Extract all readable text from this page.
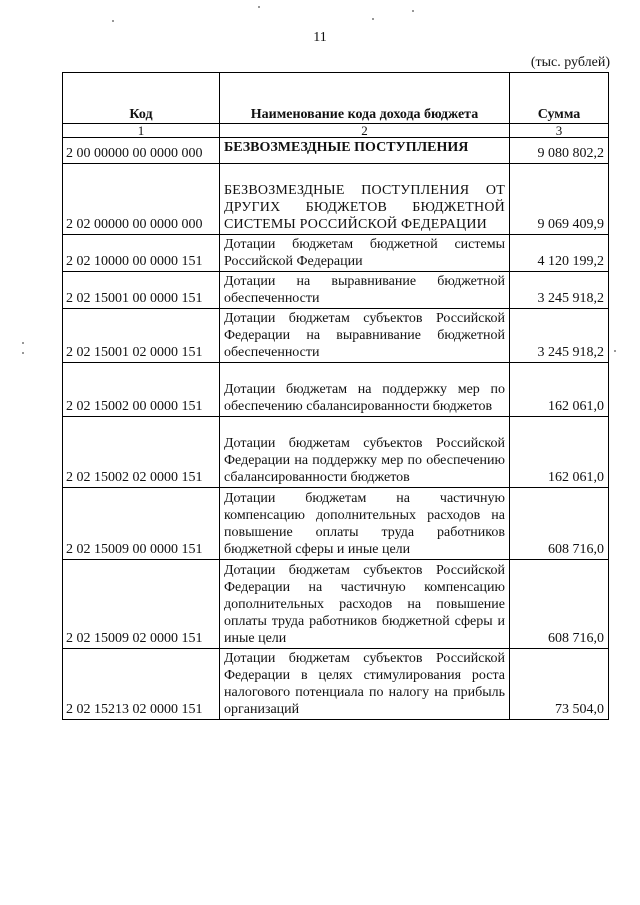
11
(тыс. рублей)
Код	Наименование кода дохода бюджета	Сумма
1	2	3
2 00 00000 00 0000 000	БЕЗВОЗМЕЗДНЫЕ ПОСТУПЛЕНИЯ	9 080 802,2
2 02 00000 00 0000 000	БЕЗВОЗМЕЗДНЫЕ ПОСТУПЛЕНИЯ ОТ ДРУГИХ БЮДЖЕТОВ БЮДЖЕТНОЙ СИСТЕМЫ РОССИЙСКОЙ ФЕДЕРАЦИИ	9 069 409,9
2 02 10000 00 0000 151	Дотации бюджетам бюджетной системы Российской Федерации	4 120 199,2
2 02 15001 00 0000 151	Дотации на выравнивание бюджетной обеспеченности	3 245 918,2
2 02 15001 02 0000 151	Дотации бюджетам субъектов Российской Федерации на выравнивание бюджетной обеспеченности	3 245 918,2
2 02 15002 00 0000 151	Дотации бюджетам на поддержку мер по обеспечению сбалансированности бюджетов	162 061,0
2 02 15002 02 0000 151	Дотации бюджетам субъектов Российской Федерации на поддержку мер по обеспечению сбалансированности бюджетов	162 061,0
2 02 15009 00 0000 151	Дотации бюджетам на частичную компенсацию дополнительных расходов на повышение оплаты труда работников бюджетной сферы и иные цели	608 716,0
2 02 15009 02 0000 151	Дотации бюджетам субъектов Российской Федерации на частичную компенсацию дополнительных расходов на повышение оплаты труда работников бюджетной сферы и иные цели	608 716,0
2 02 15213 02 0000 151	Дотации бюджетам субъектов Российской Федерации в целях стимулирования роста налогового потенциала по налогу на прибыль организаций	73 504,0
